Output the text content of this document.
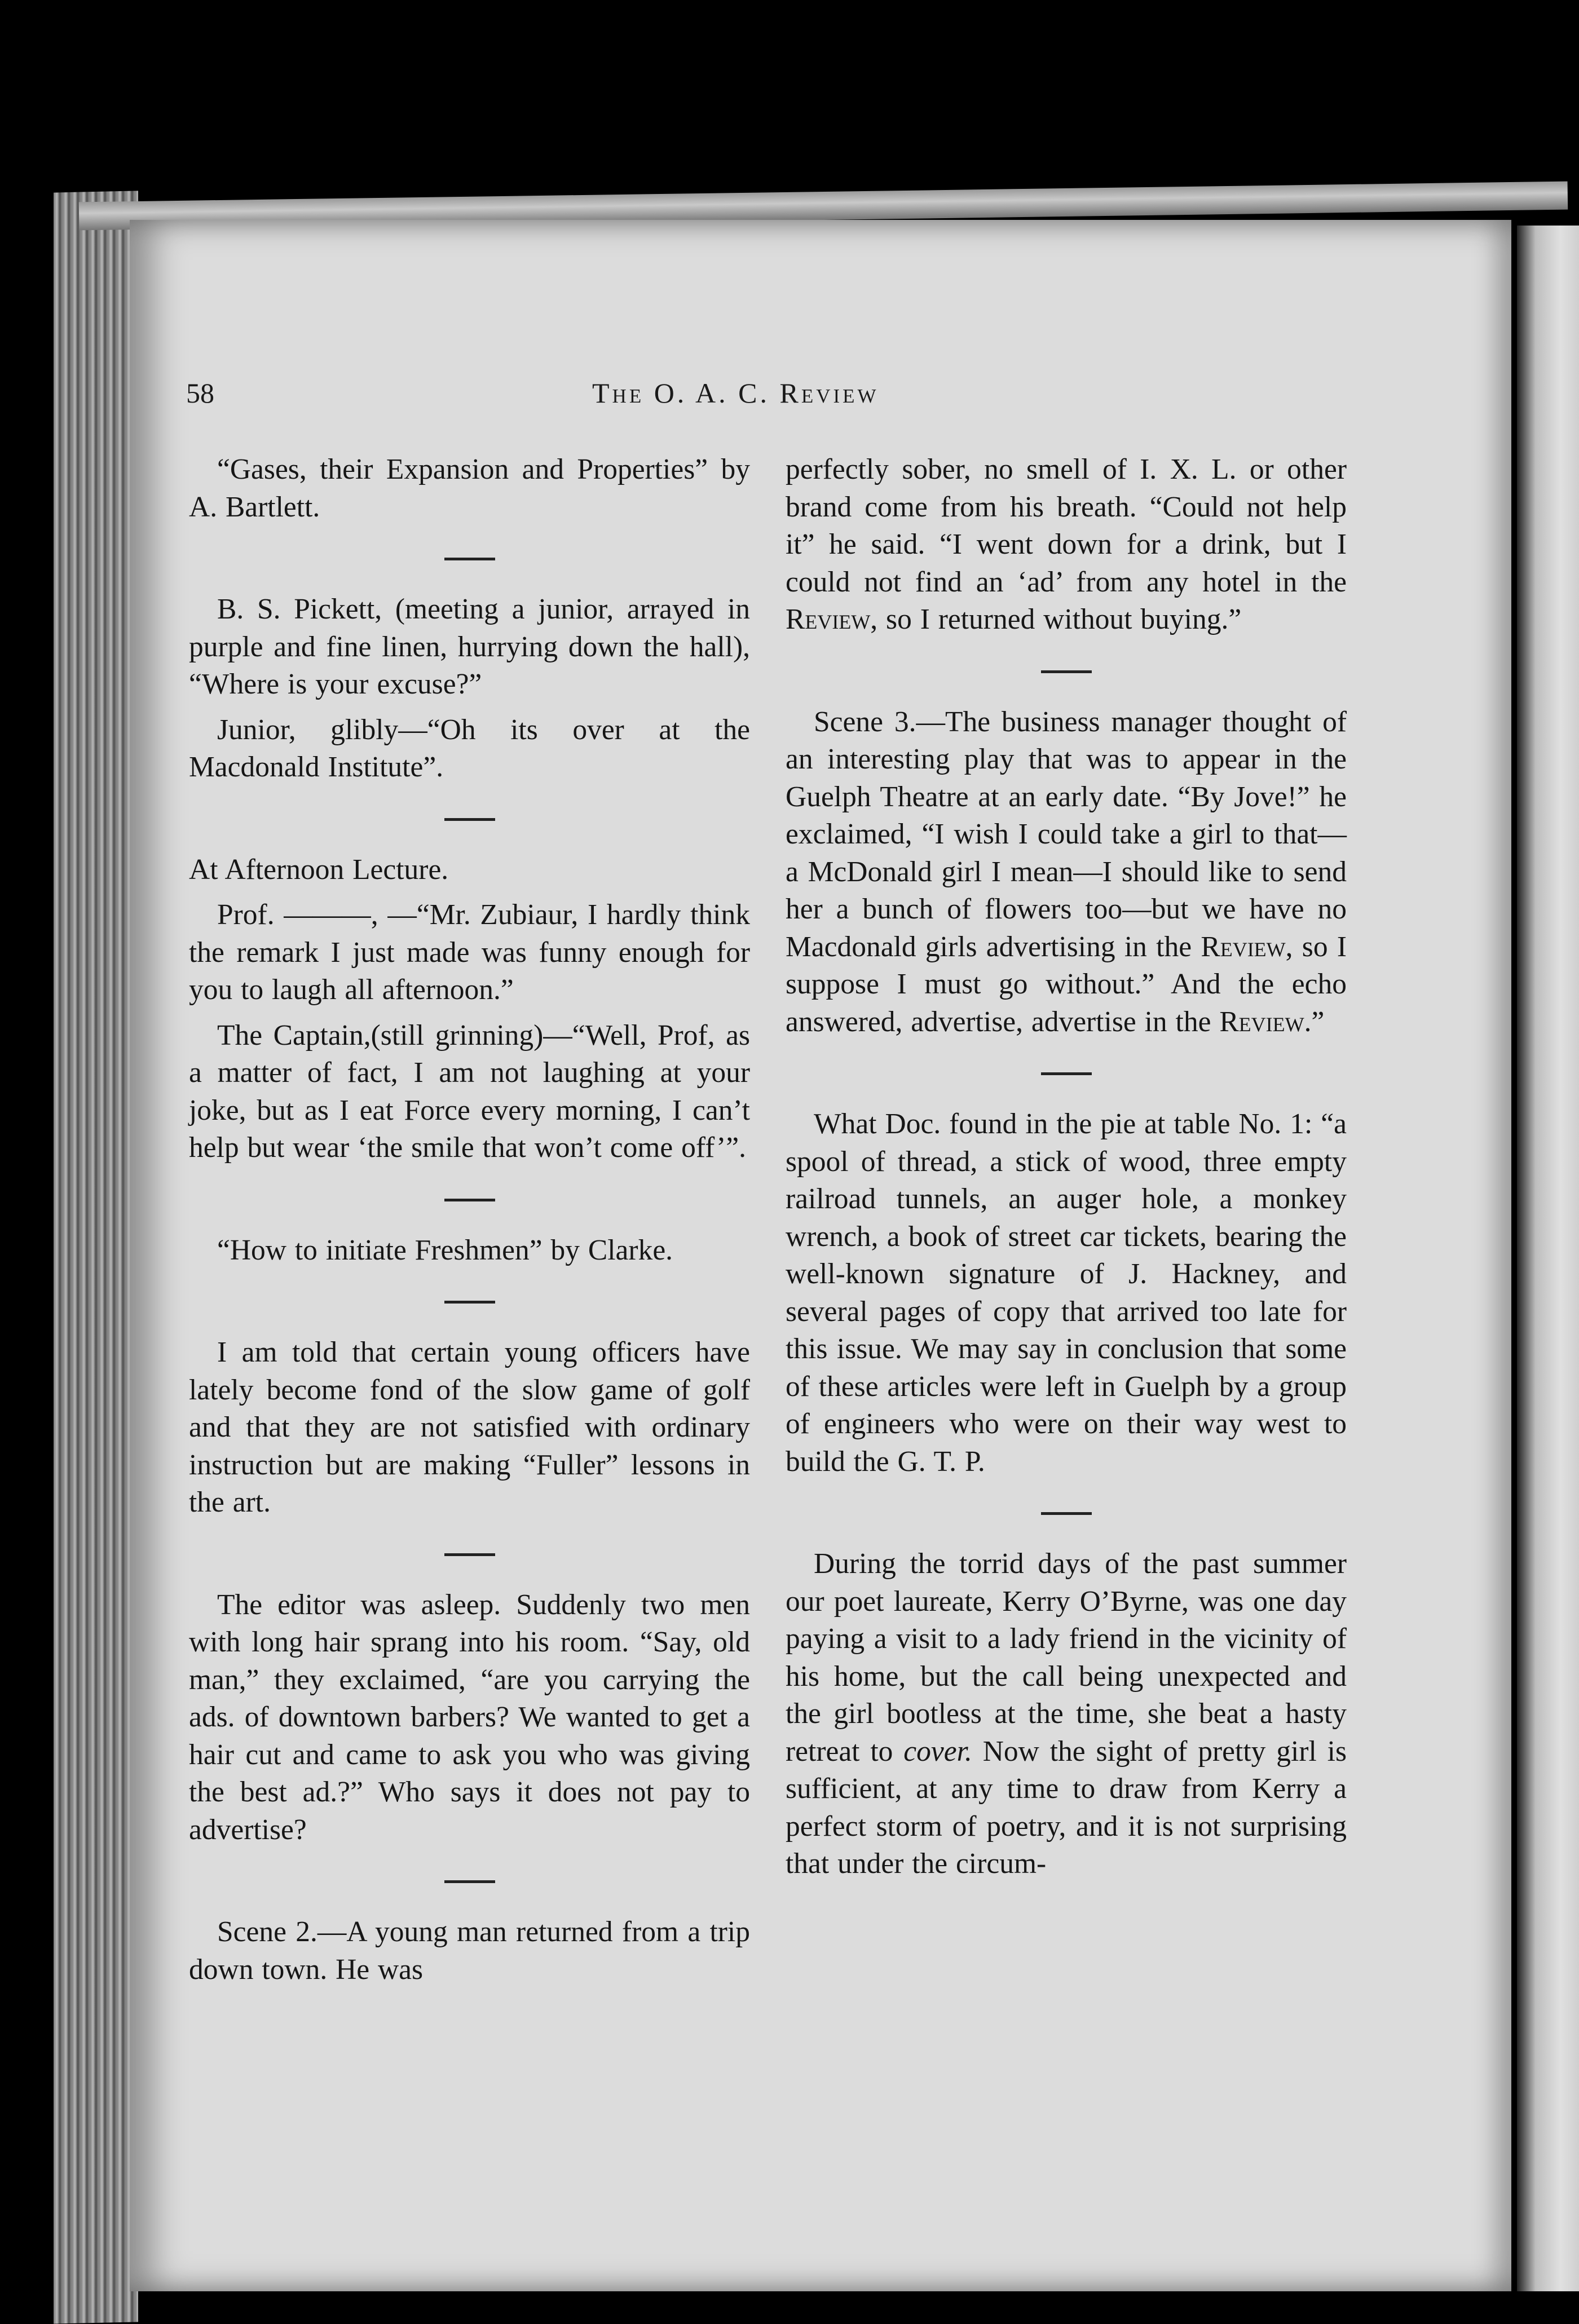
58	The O. A. C. Review

“Gases, their Expansion and Properties” by A. Bartlett.

B. S. Pickett, (meeting a junior, arrayed in purple and fine linen, hurrying down the hall), “Where is your excuse?”

Junior, glibly—“Oh its over at the Macdonald Institute”.

At Afternoon Lecture.

Prof. ———, —“Mr. Zubiaur, I hardly think the remark I just made was funny enough for you to laugh all afternoon.”

The Captain,(still grinning)—“Well, Prof, as a matter of fact, I am not laughing at your joke, but as I eat Force every morning, I can’t help but wear ‘the smile that won’t come off’”.

“How to initiate Freshmen” by Clarke.

I am told that certain young officers have lately become fond of the slow game of golf and that they are not satisfied with ordinary instruction but are making “Fuller” lessons in the art.

The editor was asleep. Suddenly two men with long hair sprang into his room. “Say, old man,” they exclaimed, “are you carrying the ads. of downtown barbers? We wanted to get a hair cut and came to ask you who was giving the best ad.?” Who says it does not pay to advertise?

Scene 2.—A young man returned from a trip down town. He was

perfectly sober, no smell of I. X. L. or other brand come from his breath. “Could not help it” he said. “I went down for a drink, but I could not find an ‘ad’ from any hotel in the Review, so I returned without buying.”

Scene 3.—The business manager thought of an interesting play that was to appear in the Guelph Theatre at an early date. “By Jove!” he exclaimed, “I wish I could take a girl to that—a McDonald girl I mean—I should like to send her a bunch of flowers too—but we have no Macdonald girls advertising in the Review, so I suppose I must go without.” And the echo answered, advertise, advertise in the Review.”

What Doc. found in the pie at table No. 1: “a spool of thread, a stick of wood, three empty railroad tunnels, an auger hole, a monkey wrench, a book of street car tickets, bearing the well-known signature of J. Hackney, and several pages of copy that arrived too late for this issue. We may say in conclusion that some of these articles were left in Guelph by a group of engineers who were on their way west to build the G. T. P.

During the torrid days of the past summer our poet laureate, Kerry O’Byrne, was one day paying a visit to a lady friend in the vicinity of his home, but the call being unexpected and the girl bootless at the time, she beat a hasty retreat to cover. Now the sight of pretty girl is sufficient, at any time to draw from Kerry a perfect storm of poetry, and it is not surprising that under the circum-
